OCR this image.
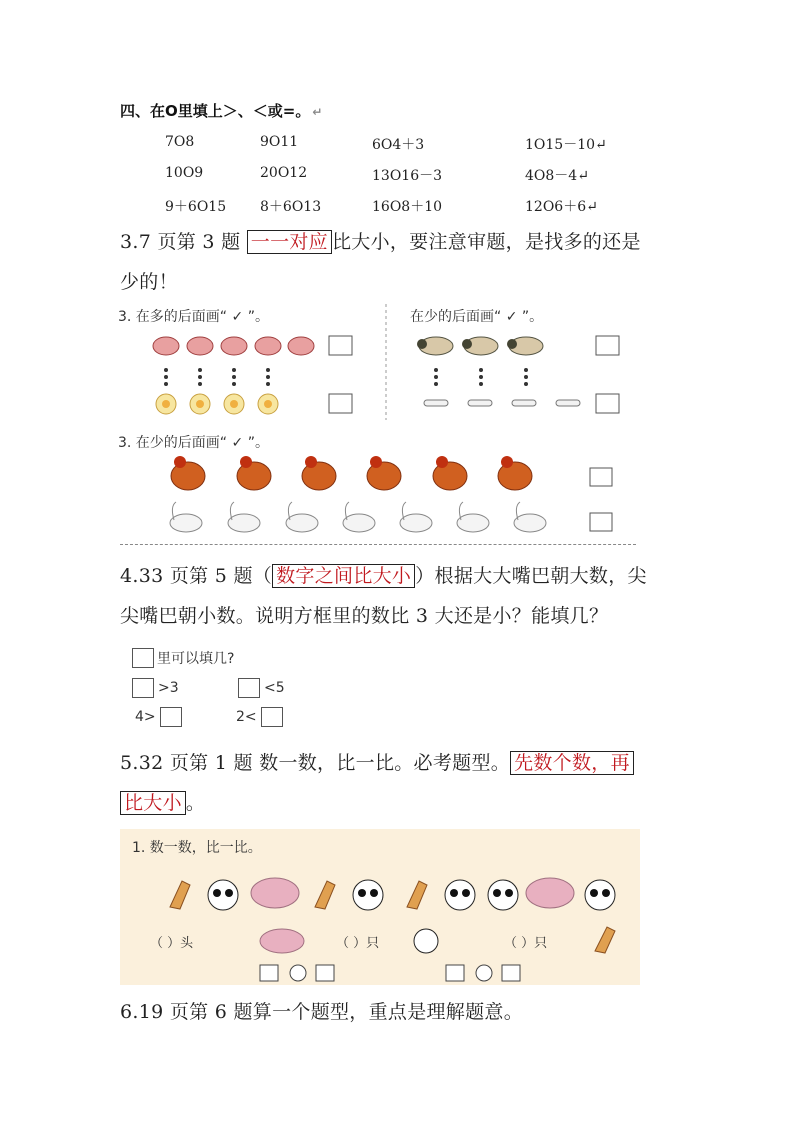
四、在O里填上＞、＜或=。 ↵
7O8	9O11	6O4＋3	1O15－10↵
10O9	20O12	13O16－3	4O8－4↵
9＋6O15 8＋6O13	16O8＋10	12O6＋6↵
3.7 页第 3 题 一一对应 比大小，要注意审题，是找多的还是
少的！
3. 在多的后面画“ ✓ ”。	在少的后面画“ ✓ ”。
3. 在少的后面画“ ✓ ”。
4.33 页第 5 题（ 数字之间比大小 ）根据大大嘴巴朝大数，尖
尖嘴巴朝小数。说明方框里的数比 3 大还是小？能填几？
里可以填几?
>3	<5
4>	2<
5.32 页第 1 题 数一数，比一比。必考题型。 先数个数，再
比大小 。
1. 数一数，比一比。
（ ）头	（ ）只	（ ）只
6.19 页第 6 题算一个题型，重点是理解题意。
